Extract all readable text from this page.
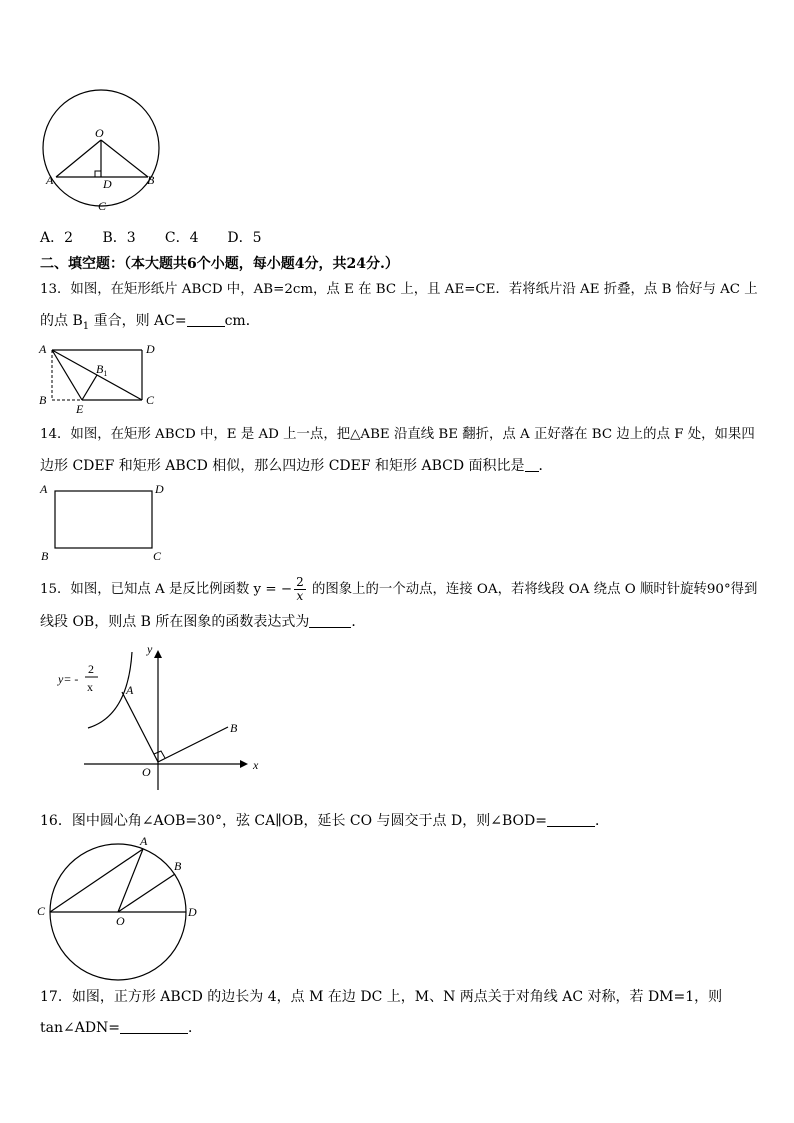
O
A	B
D
C
A．2 B．3 C．4 D．5
二、填空题：（本大题共6个小题，每小题4分，共24分.）
13．如图，在矩形纸片 ABCD 中，AB=2cm，点 E 在 BC 上，且 AE=CE．若将纸片沿 AE 折叠，点 B 恰好与 AC 上
的点 $B_1$ 重合，则 AC=	cm．
A	D
$B_1$
B
E
C
14．如图，在矩形 ABCD 中，E 是 AD 上一点，把△ABE 沿直线 BE 翻折，点 A 正好落在 BC 边上的点 F 处，如果四
边形 CDEF 和矩形 ABCD 相似，那么四边形 CDEF 和矩形 ABCD 面积比是 ．
A	D
B	C
15．如图，已知点 A 是反比例函数 y = − $\frac{2}{x}$ 的图象上的一个动点，连接 OA，若将线段 OA 绕点 O 顺时针旋转90°得到
线段 OB，则点 B 所在图象的函数表达式为	．
y= -
2
x
y
x
O
A
B
16．图中圆心角∠AOB=30°，弦 CA∥OB，延长 CO 与圆交于点 D，则∠BOD=	．
A
B
C
O
D
17．如图，正方形 ABCD 的边长为 4，点 M 在边 DC 上，M、N 两点关于对角线 AC 对称，若 DM=1，则
tan∠ADN=	．
